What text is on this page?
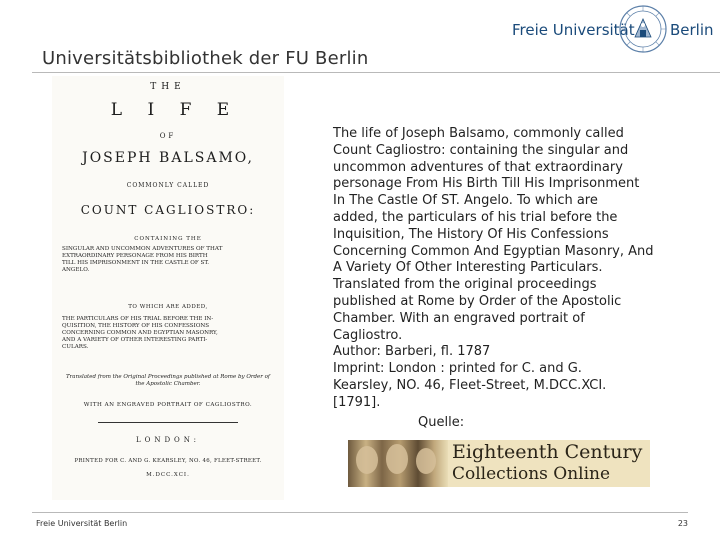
Freie Universität Berlin
Universitätsbibliothek der FU Berlin
THE
L I F E
OF
JOSEPH BALSAMO,
COMMONLY CALLED
COUNT CAGLIOSTRO:
CONTAINING THE
SINGULAR AND UNCOMMON ADVENTURES OF THAT
EXTRAORDINARY PERSONAGE FROM HIS BIRTH
TILL HIS IMPRISONMENT IN THE CASTLE OF ST.
ANGELO.
TO WHICH ARE ADDED,
THE PARTICULARS OF HIS TRIAL BEFORE THE IN-
QUISITION, THE HISTORY OF HIS CONFESSIONS
CONCERNING COMMON AND EGYPTIAN MASONRY,
AND A VARIETY OF OTHER INTERESTING PARTI-
CULARS.
Translated from the Original Proceedings published at Rome by Order of
the Apostolic Chamber.
WITH AN ENGRAVED PORTRAIT OF CAGLIOSTRO.
LONDON:
PRINTED FOR C. AND G. KEARSLEY, NO. 46, FLEET-STREET.
M.DCC.XCI.
The life of Joseph Balsamo, commonly called
Count Cagliostro: containing the singular and
uncommon adventures of that extraordinary
personage From His Birth Till His Imprisonment
In The Castle Of ST. Angelo. To which are
added, the particulars of his trial before the
Inquisition, The History Of His Confessions
Concerning Common And Egyptian Masonry, And
A Variety Of Other Interesting Particulars.
Translated from the original proceedings
published at Rome by Order of the Apostolic
Chamber. With an engraved portrait of
Cagliostro.
Author: Barberi, fl. 1787
Imprint: London : printed for C. and G.
Kearsley, NO. 46, Fleet-Street, M.DCC.XCI.
[1791].
Quelle:
Eighteenth Century
Collections Online
Freie Universität Berlin	23
